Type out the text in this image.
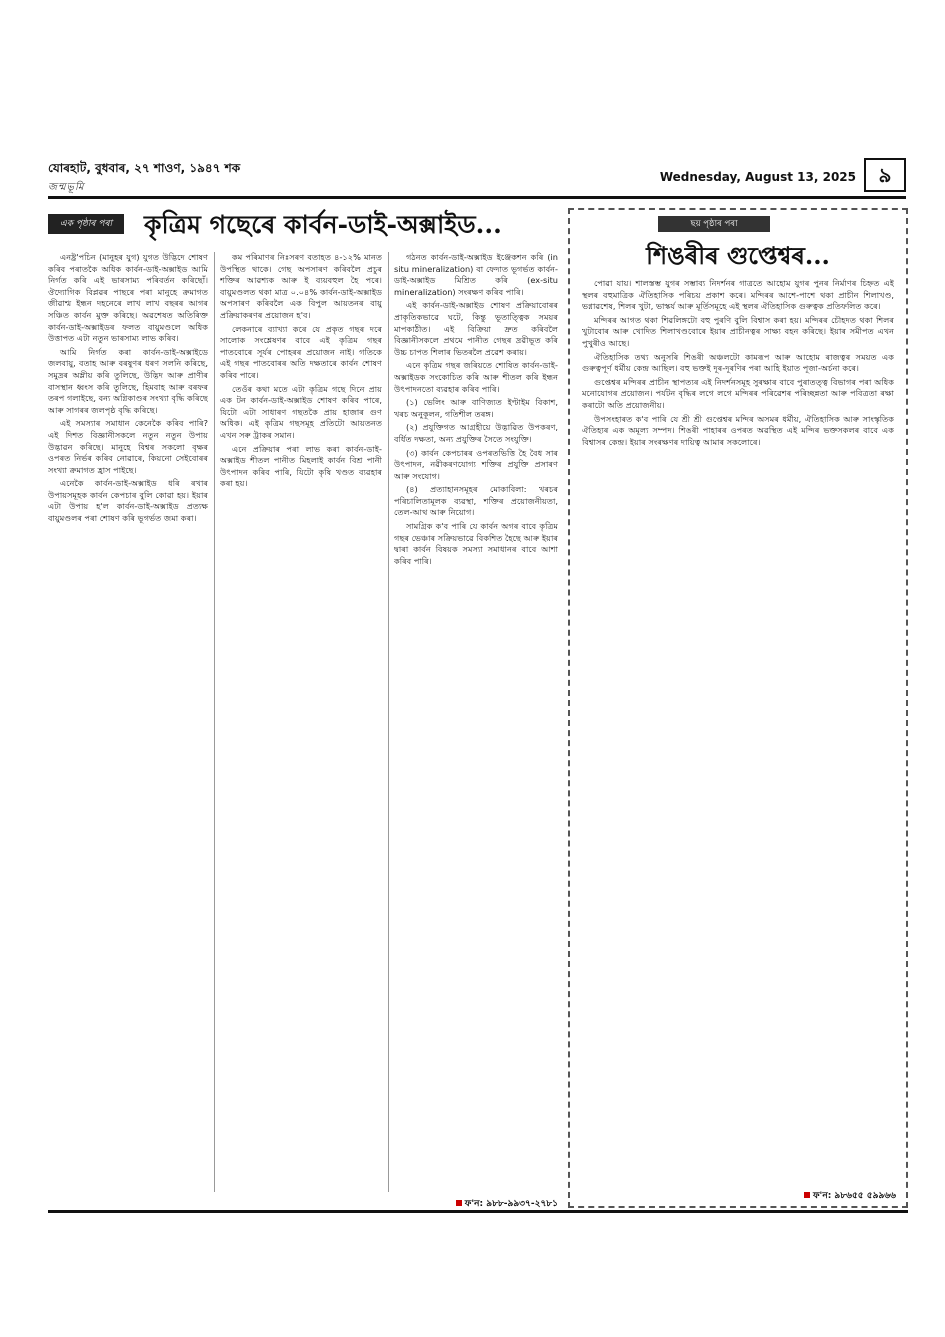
যোৰহাট, বুধবাৰ, ২৭ শাওণ, ১৯৪৭ শক
জন্মভূমি
Wednesday, August 13, 2025	৯
এক পৃষ্ঠাৰ পৰা	কৃত্ৰিম গছেৰে কাৰ্বন-ডাই-অক্সাইড...

এনষ্ট্ৰ'পচিন (মানুহৰ যুগ) যুগত উদ্ভিদে শোষণ কৰিব পৰাতকৈ অধিক কাৰ্বন-ডাই-অক্সাইড আমি নিৰ্গত কৰি এই ভাৰসাম্য পৰিবৰ্তন কৰিছোঁ। ঔদ্যোগিক বিপ্লৱৰ পাছৰে পৰা মানুহে ক্ৰমাগত জীৱাশ্ম ইন্ধন দহনেৰে লাখ লাখ বছৰৰ আগৰ সঞ্চিত কাৰ্বন মুক্ত কৰিছে। অৱশেষত অতিৰিক্ত কাৰ্বন-ডাই-অক্সাইডৰ ফলত বায়ুমণ্ডলে অধিক উত্তাপত এটা নতুন ভাৰসাম্য লাভ কৰিব।

আমি নিৰ্গত কৰা কাৰ্বন-ডাই-অক্সাইডে জলবায়ু, বতাহ আৰু বৰষুণৰ ধৰণ সলনি কৰিছে, সমুদ্ৰৰ অম্লীয় কৰি তুলিছে, উদ্ভিদ আৰু প্ৰাণীৰ বাসস্থান ধ্বংস কৰি তুলিছে, হিমবাহ আৰু বৰফৰ তৰপ গলাইছে, বন্য অগ্নিকাণ্ডৰ সংখ্যা বৃদ্ধি কৰিছে আৰু সাগৰৰ জলপৃষ্ঠ বৃদ্ধি কৰিছে।

এই সমস্যাৰ সমাধান কেনেকৈ কৰিব পাৰি? এই দিশত বিজ্ঞানীসকলে নতুন নতুন উপায় উদ্ভাৱন কৰিছে। মানুহে বিশ্বৰ সকলো বৃক্ষৰ ওপৰত নিৰ্ভৰ কৰিব নোৱাৰে, কিয়নো সেইবোৰৰ সংখ্যা ক্ৰমাগত হ্ৰাস পাইছে।

এনেকৈ কাৰ্বন-ডাই-অক্সাইড ধৰি ৰখাৰ উপায়সমূহক কাৰ্বন কেপচাৰ বুলি কোৱা হয়। ইয়াৰ এটা উপায় হ'ল কাৰ্বন-ডাই-অক্সাইড প্ৰত্যক্ষ বায়ুমণ্ডলৰ পৰা শোষণ কৰি ভূগৰ্ভত জমা কৰা।

কম পৰিমাণৰ নিঃসৰণ বতাহত ৪-১২% মানত উপস্থিত থাকে। গেছ অপসাৰণ কৰিবলৈ প্ৰচুৰ শক্তিৰ আৱশ্যক আৰু ই ব্যয়বহুল হৈ পৰে। বায়ুমণ্ডলত থকা মাত্ৰ ০.০৪% কাৰ্বন-ডাই-অক্সাইড অপসাৰণ কৰিবলৈ এক বিপুল আয়তনৰ বায়ু প্ৰক্ৰিয়াকৰণৰ প্ৰয়োজন হ'ব।

লেকনাৰে ব্যাখ্যা কৰে যে প্ৰকৃত গছৰ দৰে সালোক সংশ্লেষণৰ বাবে এই কৃত্ৰিম গছৰ পাতবোৰে সূৰ্যৰ পোহৰৰ প্ৰয়োজন নাই। গতিকে এই গছৰ পাতবোৰৰ অতি দক্ষতাৰে কাৰ্বন শোষণ কৰিব পাৰে।

তেওঁৰ কথা মতে এটা কৃত্ৰিম গছে দিনে প্ৰায় এক টন কাৰ্বন-ডাই-অক্সাইড শোষণ কৰিব পাৰে, যিটো এটা সাধাৰণ গছতকৈ প্ৰায় হাজাৰ গুণ অধিক। এই কৃত্ৰিম গছসমূহ প্ৰতিটো আয়তনত এখন সৰু ট্ৰাকৰ সমান।

এনে প্ৰক্ৰিয়াৰ পৰা লাভ কৰা কাৰ্বন-ডাই-অক্সাইড শীতল পানীত মিহলাই কাৰ্বন বিশ্ৰ পানী উৎপাদন কৰিব পাৰি, যিটো কৃষি খণ্ডত ব্যৱহাৰ কৰা হয়।

গঠনত কাৰ্বন-ডাই-অক্সাইড ইঞ্জেকশন কৰি (in situ mineralization) বা ফেদাত ভূগৰ্ভত কাৰ্বন-ডাই-অক্সাইড মিশ্ৰিত কৰি (ex-situ mineralization) সংৰক্ষণ কৰিব পাৰি।

এই কাৰ্বন-ডাই-অক্সাইড শোষণ প্ৰক্ৰিয়াবোৰৰ প্ৰাকৃতিকভাৱে ঘটে, কিন্তু ভূতাত্ত্বিক সময়ৰ মাপকাঠীত। এই বিক্ৰিয়া দ্ৰুত কৰিবলৈ বিজ্ঞানীসকলে প্ৰথমে পানীত গেছৰ দ্ৰৱীভূত কৰি উচ্চ চাপত শিলাৰ ভিতৰলৈ প্ৰৱেশ কৰায়।

এনে কৃত্ৰিম গছৰ জৰিয়তে শোষিত কাৰ্বন-ডাই-অক্সাইডক সংকোচিত কৰি আৰু শীতল কৰি ইন্ধন উৎপাদনতো ব্যৱহাৰ কৰিব পাৰি।

(১) ভেলিং আৰু বাণিজ্যত ইণ্টাইম বিকাশ, খৰচ অনুকূলন, গতিশীল তৰঙ্গ।

(২) প্ৰযুক্তিগত আগ্ৰহীয়ে উদ্ভাৱিত উপকৰণ, বৰ্ধিত দক্ষতা, অন্য প্ৰযুক্তিৰ সৈতে সংযুক্তি।

(৩) কাৰ্বন কেপচাৰৰ ওপৰতভিত্তি হৈ বৈধ সাৰ উৎপাদন, নৱীকৰণযোগ্য শক্তিৰ প্ৰযুক্তি প্ৰসাৰণ আৰু সংযোগ।

(৪) প্ৰত্যাহানসমূহৰ মোকাবিলা: খৰচৰ পৰিচালিতামূলক ব্যৱস্থা, শক্তিৰ প্ৰয়োজনীয়তা, তেল-আথ আৰু নিয়োগ।

সামগ্ৰিক ক'ব পাৰি যে কাৰ্বন অগৰ বাবে কৃত্ৰিম গছৰ ভেঞ্চাৰ সক্ৰিয়ভাৱে বিকশিত হৈছে আৰু ইয়াৰ দ্বাৰা কাৰ্বন বিষয়ক সমস্যা সমাধানৰ বাবে আশা কৰিব পাৰি।

ফ'ন: ৯৮৮-৯৯৩৭-২৭৮১
ছয় পৃষ্ঠাৰ পৰা
শিঙৰীৰ গুপ্তেশ্বৰ...

পোৱা যায়। শালস্তম্ভ যুগৰ সম্ভাব্য নিদৰ্শনৰ গাত্ৰতে আহোম যুগৰ পুনৰ নিৰ্মাণৰ চিহ্নত এই স্থলৰ বহুমাত্ৰিক ঐতিহাসিক পৰিচয় প্ৰকাশ কৰে। মন্দিৰৰ আশে-পাশে থকা প্ৰাচীন শিলাখণ্ড, ভগ্নাৱশেষ, শিলৰ খুটা, ভাস্কৰ্য আৰু মূৰ্তিসমূহে এই স্থলৰ ঐতিহাসিক গুৰুত্বক প্ৰতিফলিত কৰে।

মন্দিৰৰ আগত থকা শিৱলিঙ্গটো বহু পুৰণি বুলি বিশ্বাস কৰা হয়। মন্দিৰৰ চৌহদত থকা শিলৰ খুটাবোৰ আৰু খোদিত শিলাখণ্ডবোৰে ইয়াৰ প্ৰাচীনত্বৰ সাক্ষ্য বহন কৰিছে। ইয়াৰ সমীপত এখন পুখুৰীও আছে।

ঐতিহাসিক তথ্য অনুসৰি শিঙৰী অঞ্চলটো কামৰূপ আৰু আহোম ৰাজত্বৰ সময়ত এক গুৰুত্বপূৰ্ণ ধৰ্মীয় কেন্দ্ৰ আছিল। বহু ভক্তই দূৰ-দূৰণিৰ পৰা আহি ইয়াত পূজা-অৰ্চনা কৰে।

গুপ্তেশ্বৰ মন্দিৰৰ প্ৰাচীন স্থাপত্যৰ এই নিদৰ্শনসমূহ সুৰক্ষাৰ বাবে পুৰাতত্ত্ব বিভাগৰ পৰা অধিক মনোযোগৰ প্ৰয়োজন। পৰ্যটন বৃদ্ধিৰ লগে লগে মন্দিৰৰ পৰিৱেশৰ পৰিচ্ছন্নতা আৰু পবিত্ৰতা ৰক্ষা কৰাটো অতি প্ৰয়োজনীয়।

উপসংহাৰত ক'ব পাৰি যে শ্ৰী শ্ৰী গুপ্তেশ্বৰ মন্দিৰ অসমৰ ধৰ্মীয়, ঐতিহাসিক আৰু সাংস্কৃতিক ঐতিহ্যৰ এক অমূল্য সম্পদ। শিঙৰী পাহাৰৰ ওপৰত অৱস্থিত এই মন্দিৰ ভক্তসকলৰ বাবে এক বিশ্বাসৰ কেন্দ্ৰ। ইয়াৰ সংৰক্ষণৰ দায়িত্ব আমাৰ সকলোৰে।

ফ'ন: ৯৮৬৫৫ ৫৯৯৬৬
